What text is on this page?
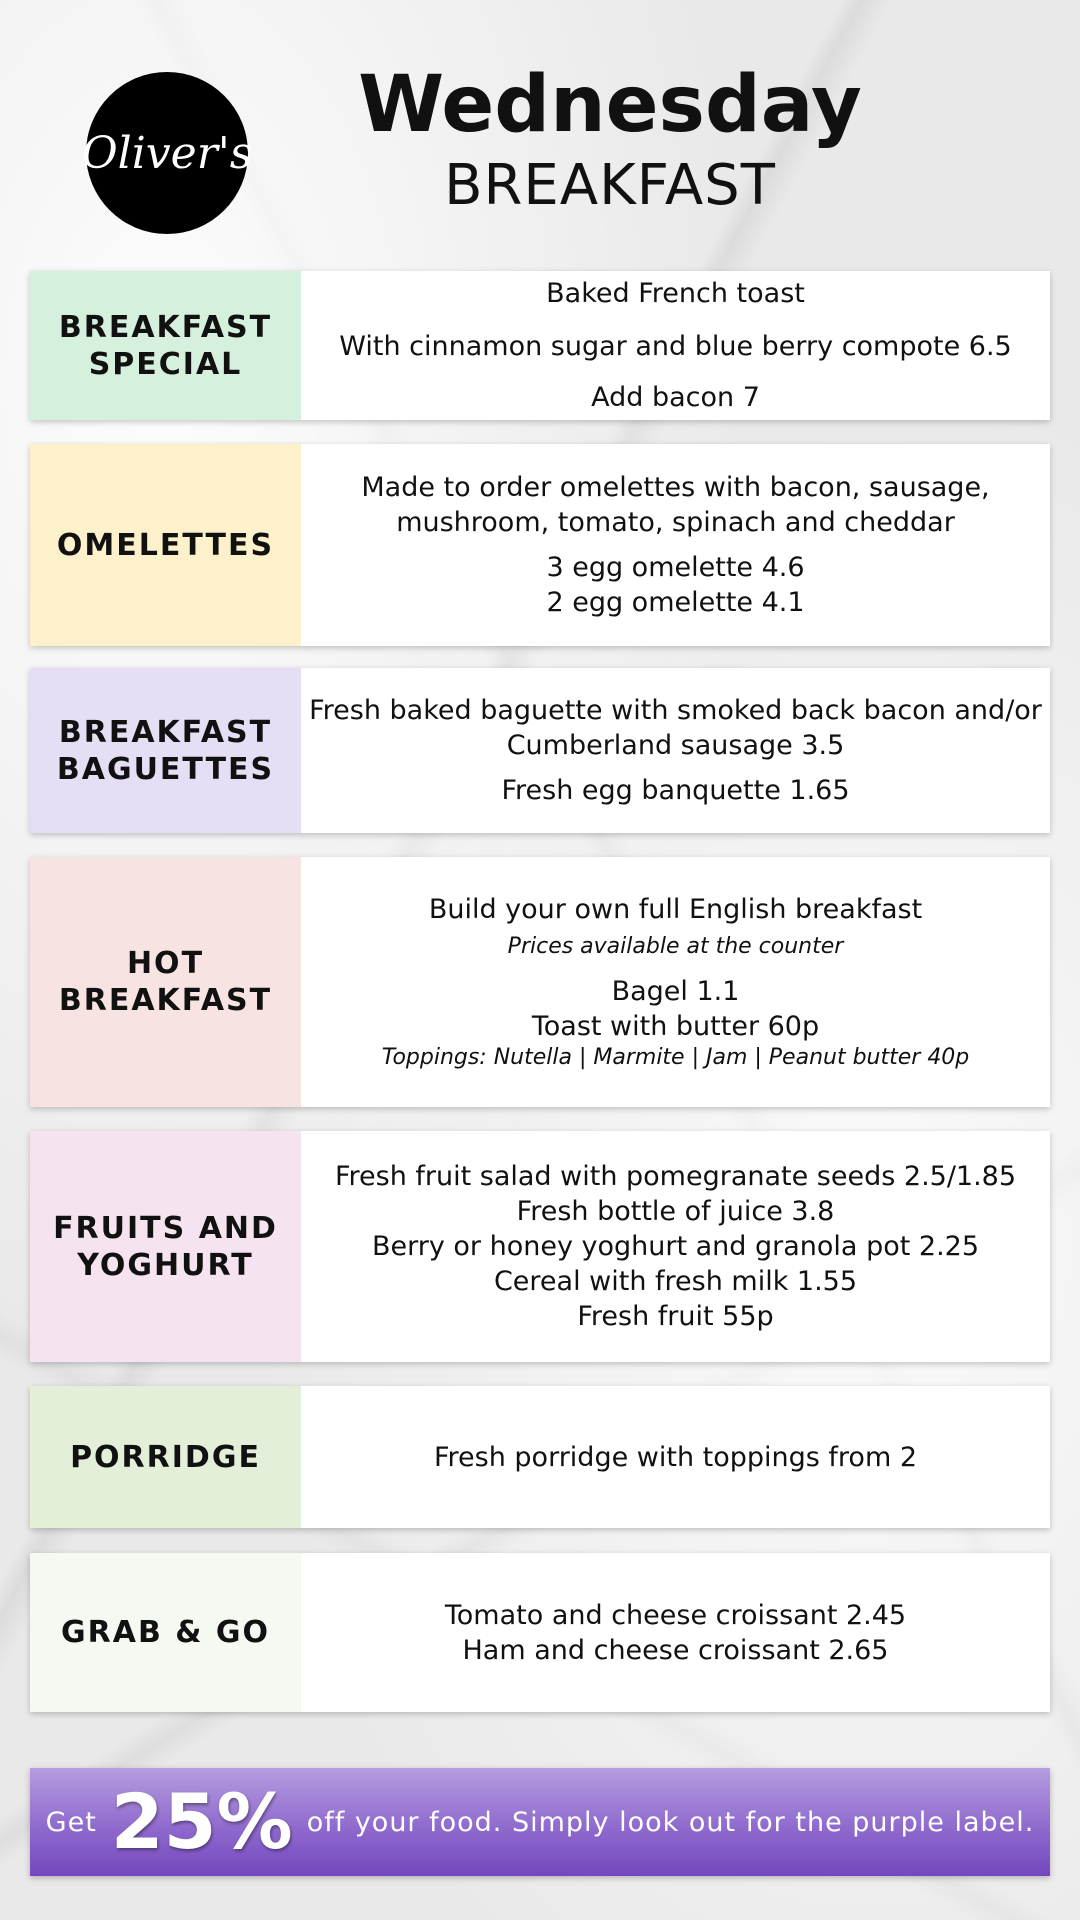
Oliver's
Wednesday
BREAKFAST
BREAKFAST
SPECIAL
Baked French toast
With cinnamon sugar and blue berry compote 6.5
Add bacon 7
OMELETTES
Made to order omelettes with bacon, sausage,
mushroom, tomato, spinach and cheddar
3 egg omelette 4.6
2 egg omelette 4.1
BREAKFAST
BAGUETTES
Fresh baked baguette with smoked back bacon and/or
Cumberland sausage 3.5
Fresh egg banquette 1.65
HOT
BREAKFAST
Build your own full English breakfast
Prices available at the counter
Bagel 1.1
Toast with butter 60p
Toppings: Nutella | Marmite | Jam | Peanut butter 40p
FRUITS AND
YOGHURT
Fresh fruit salad with pomegranate seeds 2.5/1.85
Fresh bottle of juice 3.8
Berry or honey yoghurt and granola pot 2.25
Cereal with fresh milk 1.55
Fresh fruit 55p
PORRIDGE	Fresh porridge with toppings from 2
GRAB & GO	Tomato and cheese croissant 2.45
Ham and cheese croissant 2.65
Get 25% off your food. Simply look out for the purple label.
